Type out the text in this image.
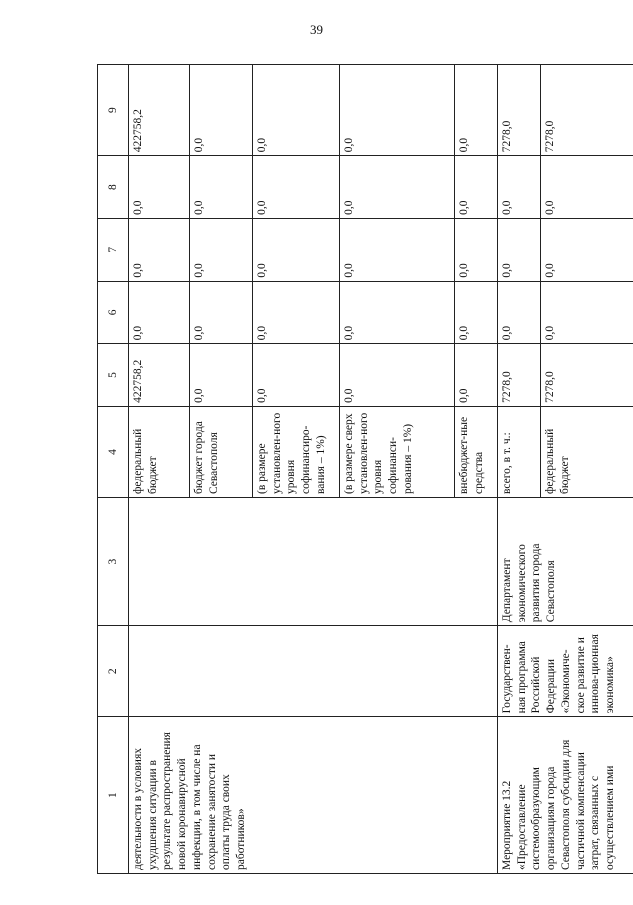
39
1	2	3	4	5	6	7	8	9
деятельности в условиях ухудшения ситуации в результате распространения новой коронавирусной инфекции, в том числе на сохранение занятости и оплаты труда своих работников»			федеральный бюджет	422758,2	0,0	0,0	0,0	422758,2
			бюджет города Севастополя	0,0	0,0	0,0	0,0	0,0
			(в размере установлен-ного уровня софинансиро-вания – 1%)	0,0	0,0	0,0	0,0	0,0
			(в размере сверх установлен-ного уровня софинанси-рования – 1%)	0,0	0,0	0,0	0,0	0,0
			внебюджет-ные средства	0,0	0,0	0,0	0,0	0,0
Мероприятие 13.2 «Предоставление системообразующим организациям города Севастополя субсидии для частичной компенсации затрат, связанных с осуществлением ими	Государствен-ная программа Российской Федерации «Экономиче-ское развитие и иннова-ционная экономика»	Департамент экономического развития города Севастополя	всего, в т. ч.:	7278,0	0,0	0,0	0,0	7278,0
			федеральный бюджет	7278,0	0,0	0,0	0,0	7278,0
